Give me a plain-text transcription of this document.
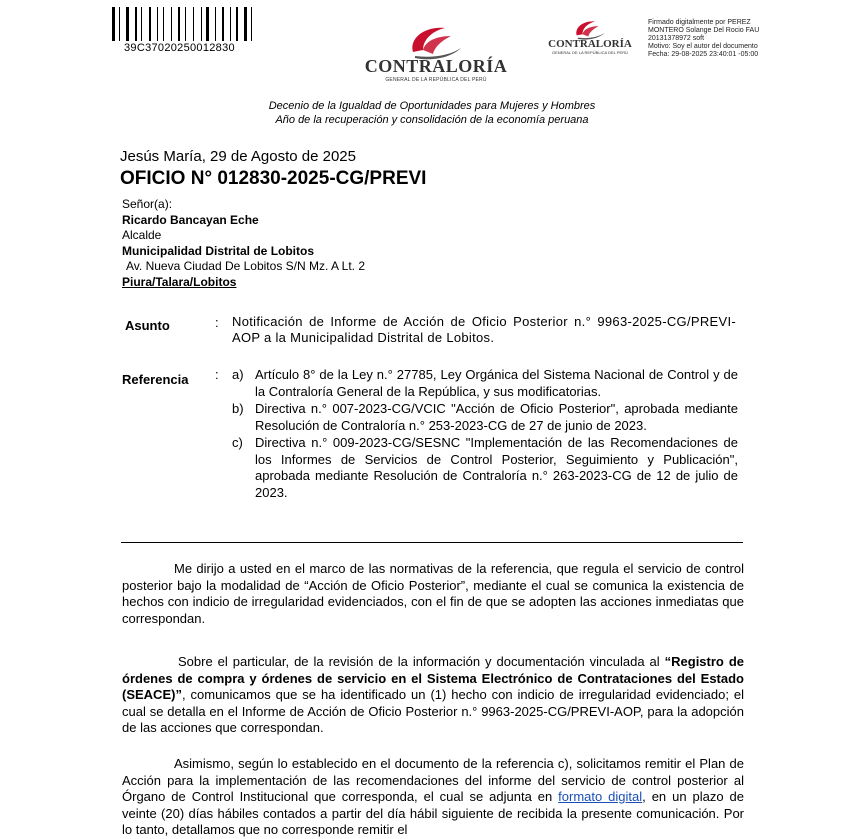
39C37020250012830
CONTRALORÍA
GENERAL DE LA REPÚBLICA DEL PERÚ
CONTRALORÍA
GENERAL DE LA REPÚBLICA DEL PERÚ
Firmado digitalmente por PEREZ
MONTERO Solange Del Rocio FAU
20131378972 soft
Motivo: Soy el autor del documento
Fecha: 29-08-2025 23:40:01 -05:00
Decenio de la Igualdad de Oportunidades para Mujeres y Hombres
Año de la recuperación y consolidación de la economía peruana
Jesús María, 29 de Agosto de 2025
OFICIO N° 012830-2025-CG/PREVI
Señor(a):
Ricardo Bancayan Eche
Alcalde
Municipalidad Distrital de Lobitos
Av. Nueva Ciudad De Lobitos S/N Mz. A Lt. 2
Piura/Talara/Lobitos
Asunto	: Notificación de Informe de Acción de Oficio Posterior n.° 9963-2025-CG/PREVI-AOP a la Municipalidad Distrital de Lobitos.
Referencia : a) Artículo 8° de la Ley n.° 27785, Ley Orgánica del Sistema Nacional de Control y de la Contraloría General de la República, y sus modificatorias.
b) Directiva n.° 007-2023-CG/VCIC "Acción de Oficio Posterior", aprobada mediante Resolución de Contraloría n.° 253-2023-CG de 27 de junio de 2023.
c) Directiva n.° 009-2023-CG/SESNC "Implementación de las Recomendaciones de los Informes de Servicios de Control Posterior, Seguimiento y Publicación", aprobada mediante Resolución de Contraloría n.° 263-2023-CG de 12 de julio de 2023.
Me dirijo a usted en el marco de las normativas de la referencia, que regula el servicio de control posterior bajo la modalidad de “Acción de Oficio Posterior”, mediante el cual se comunica la existencia de hechos con indicio de irregularidad evidenciados, con el fin de que se adopten las acciones inmediatas que correspondan.
Sobre el particular, de la revisión de la información y documentación vinculada al “Registro de órdenes de compra y órdenes de servicio en el Sistema Electrónico de Contrataciones del Estado (SEACE)”, comunicamos que se ha identificado un (1) hecho con indicio de irregularidad evidenciado; el cual se detalla en el Informe de Acción de Oficio Posterior n.° 9963-2025-CG/PREVI-AOP, para la adopción de las acciones que correspondan.
Asimismo, según lo establecido en el documento de la referencia c), solicitamos remitir el Plan de Acción para la implementación de las recomendaciones del informe del servicio de control posterior al Órgano de Control Institucional que corresponda, el cual se adjunta en formato digital, en un plazo de veinte (20) días hábiles contados a partir del día hábil siguiente de recibida la presente comunicación. Por lo tanto, detallamos que no corresponde remitir el
